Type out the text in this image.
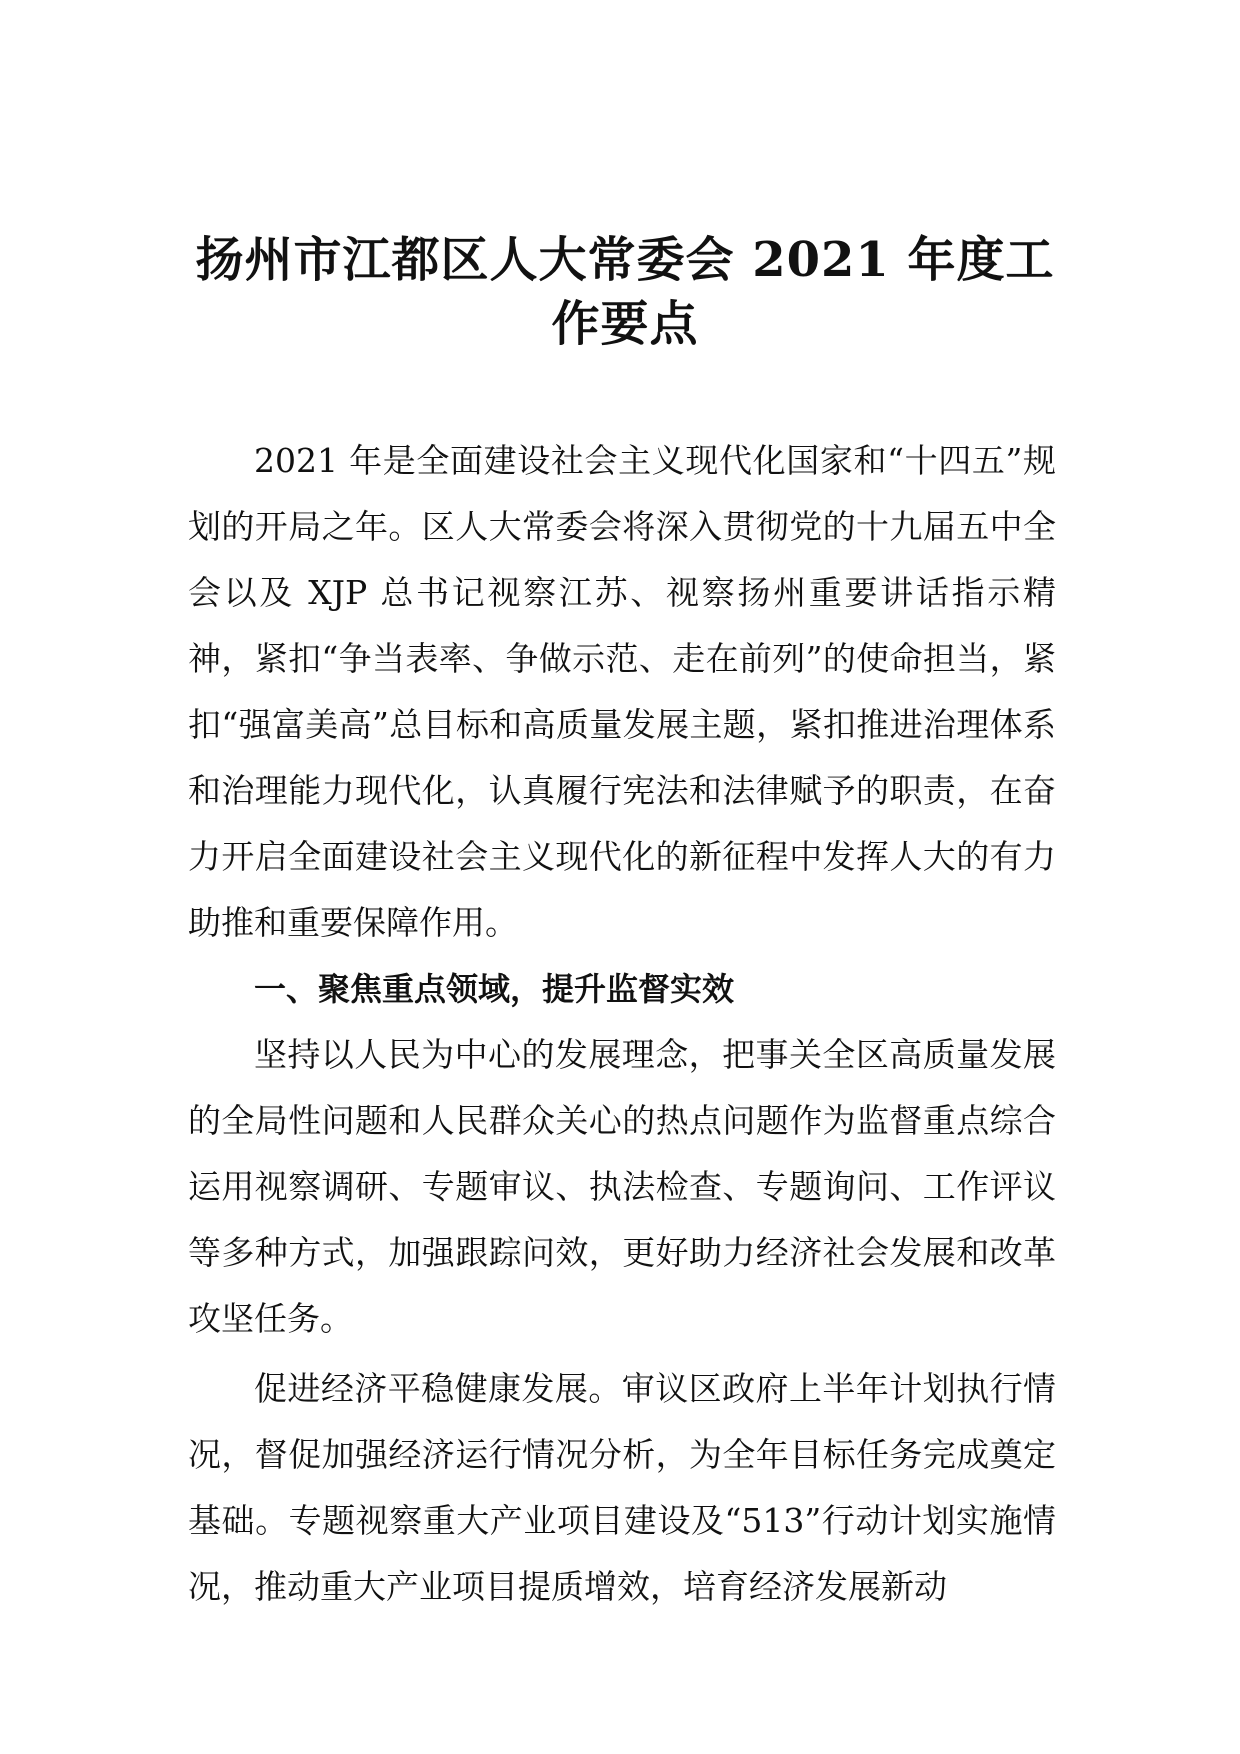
扬州市江都区人大常委会 2021 年度工作要点

2021 年是全面建设社会主义现代化国家和“十四五”规划的开局之年。区人大常委会将深入贯彻党的十九届五中全会以及 XJP 总书记视察江苏、视察扬州重要讲话指示精神，紧扣“争当表率、争做示范、走在前列”的使命担当，紧扣“强富美高”总目标和高质量发展主题，紧扣推进治理体系和治理能力现代化，认真履行宪法和法律赋予的职责，在奋力开启全面建设社会主义现代化的新征程中发挥人大的有力助推和重要保障作用。

一、聚焦重点领域，提升监督实效

坚持以人民为中心的发展理念，把事关全区高质量发展的全局性问题和人民群众关心的热点问题作为监督重点综合运用视察调研、专题审议、执法检查、专题询问、工作评议等多种方式，加强跟踪问效，更好助力经济社会发展和改革攻坚任务。

促进经济平稳健康发展。审议区政府上半年计划执行情况，督促加强经济运行情况分析，为全年目标任务完成奠定基础。专题视察重大产业项目建设及“513”行动计划实施情况，推动重大产业项目提质增效，培育经济发展新动
